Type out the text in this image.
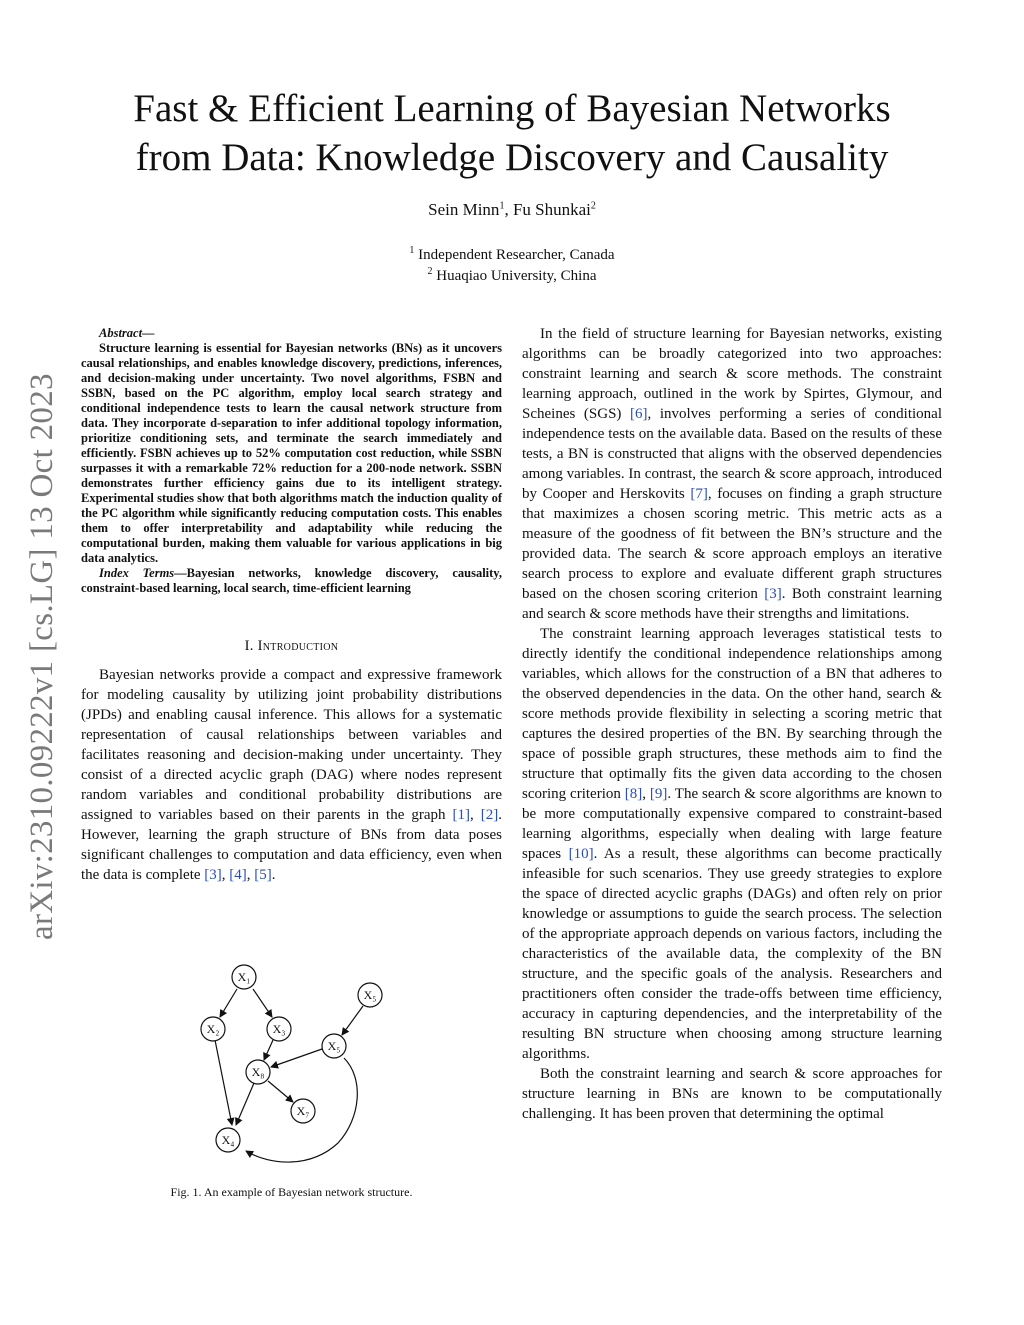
Fast & Efficient Learning of Bayesian Networks
from Data: Knowledge Discovery and Causality
Sein Minn$^1$, Fu Shunkai$^2$
$^1$ Independent Researcher, Canada
$^2$ Huaqiao University, China
arXiv:2310.09222v1 [cs.LG] 13 Oct 2023
Abstract—

Structure learning is essential for Bayesian networks (BNs) as it uncovers causal relationships, and enables knowledge discovery, predictions, inferences, and decision-making under uncertainty. Two novel algorithms, FSBN and SSBN, based on the PC algorithm, employ local search strategy and conditional independence tests to learn the causal network structure from data. They incorporate d-separation to infer additional topology information, prioritize conditioning sets, and terminate the search immediately and efficiently. FSBN achieves up to 52% computation cost reduction, while SSBN surpasses it with a remarkable 72% reduction for a 200-node network. SSBN demonstrates further efficiency gains due to its intelligent strategy. Experimental studies show that both algorithms match the induction quality of the PC algorithm while significantly reducing computation costs. This enables them to offer interpretability and adaptability while reducing the computational burden, making them valuable for various applications in big data analytics.

Index Terms—Bayesian networks, knowledge discovery, causality, constraint-based learning, local search, time-efficient learning

I. Introduction

Bayesian networks provide a compact and expressive framework for modeling causality by utilizing joint probability distributions (JPDs) and enabling causal inference. This allows for a systematic representation of causal relationships between variables and facilitates reasoning and decision-making under uncertainty. They consist of a directed acyclic graph (DAG) where nodes represent random variables and conditional probability distributions are assigned to variables based on their parents in the graph [1], [2]. However, learning the graph structure of BNs from data poses significant challenges to computation and data efficiency, even when the data is complete [3], [4], [5].

X₁
X₂	X₃
X₅
X₅
X₈
X₇
X₄
Fig. 1. An example of Bayesian network structure.

In the field of structure learning for Bayesian networks, existing algorithms can be broadly categorized into two approaches: constraint learning and search & score methods. The constraint learning approach, outlined in the work by Spirtes, Glymour, and Scheines (SGS) [6], involves performing a series of conditional independence tests on the available data. Based on the results of these tests, a BN is constructed that aligns with the observed dependencies among variables. In contrast, the search & score approach, introduced by Cooper and Herskovits [7], focuses on finding a graph structure that maximizes a chosen scoring metric. This metric acts as a measure of the goodness of fit between the BN’s structure and the provided data. The search & score approach employs an iterative search process to explore and evaluate different graph structures based on the chosen scoring criterion [3]. Both constraint learning and search & score methods have their strengths and limitations.

The constraint learning approach leverages statistical tests to directly identify the conditional independence relationships among variables, which allows for the construction of a BN that adheres to the observed dependencies in the data. On the other hand, search & score methods provide flexibility in selecting a scoring metric that captures the desired properties of the BN. By searching through the space of possible graph structures, these methods aim to find the structure that optimally fits the given data according to the chosen scoring criterion [8], [9]. The search & score algorithms are known to be more computationally expensive compared to constraint-based learning algorithms, especially when dealing with large feature spaces [10]. As a result, these algorithms can become practically infeasible for such scenarios. They use greedy strategies to explore the space of directed acyclic graphs (DAGs) and often rely on prior knowledge or assumptions to guide the search process. The selection of the appropriate approach depends on various factors, including the characteristics of the available data, the complexity of the BN structure, and the specific goals of the analysis. Researchers and practitioners often consider the trade-offs between time efficiency, accuracy in capturing dependencies, and the interpretability of the resulting BN structure when choosing among structure learning algorithms.

Both the constraint learning and search & score approaches for structure learning in BNs are known to be computationally challenging. It has been proven that determining the optimal
